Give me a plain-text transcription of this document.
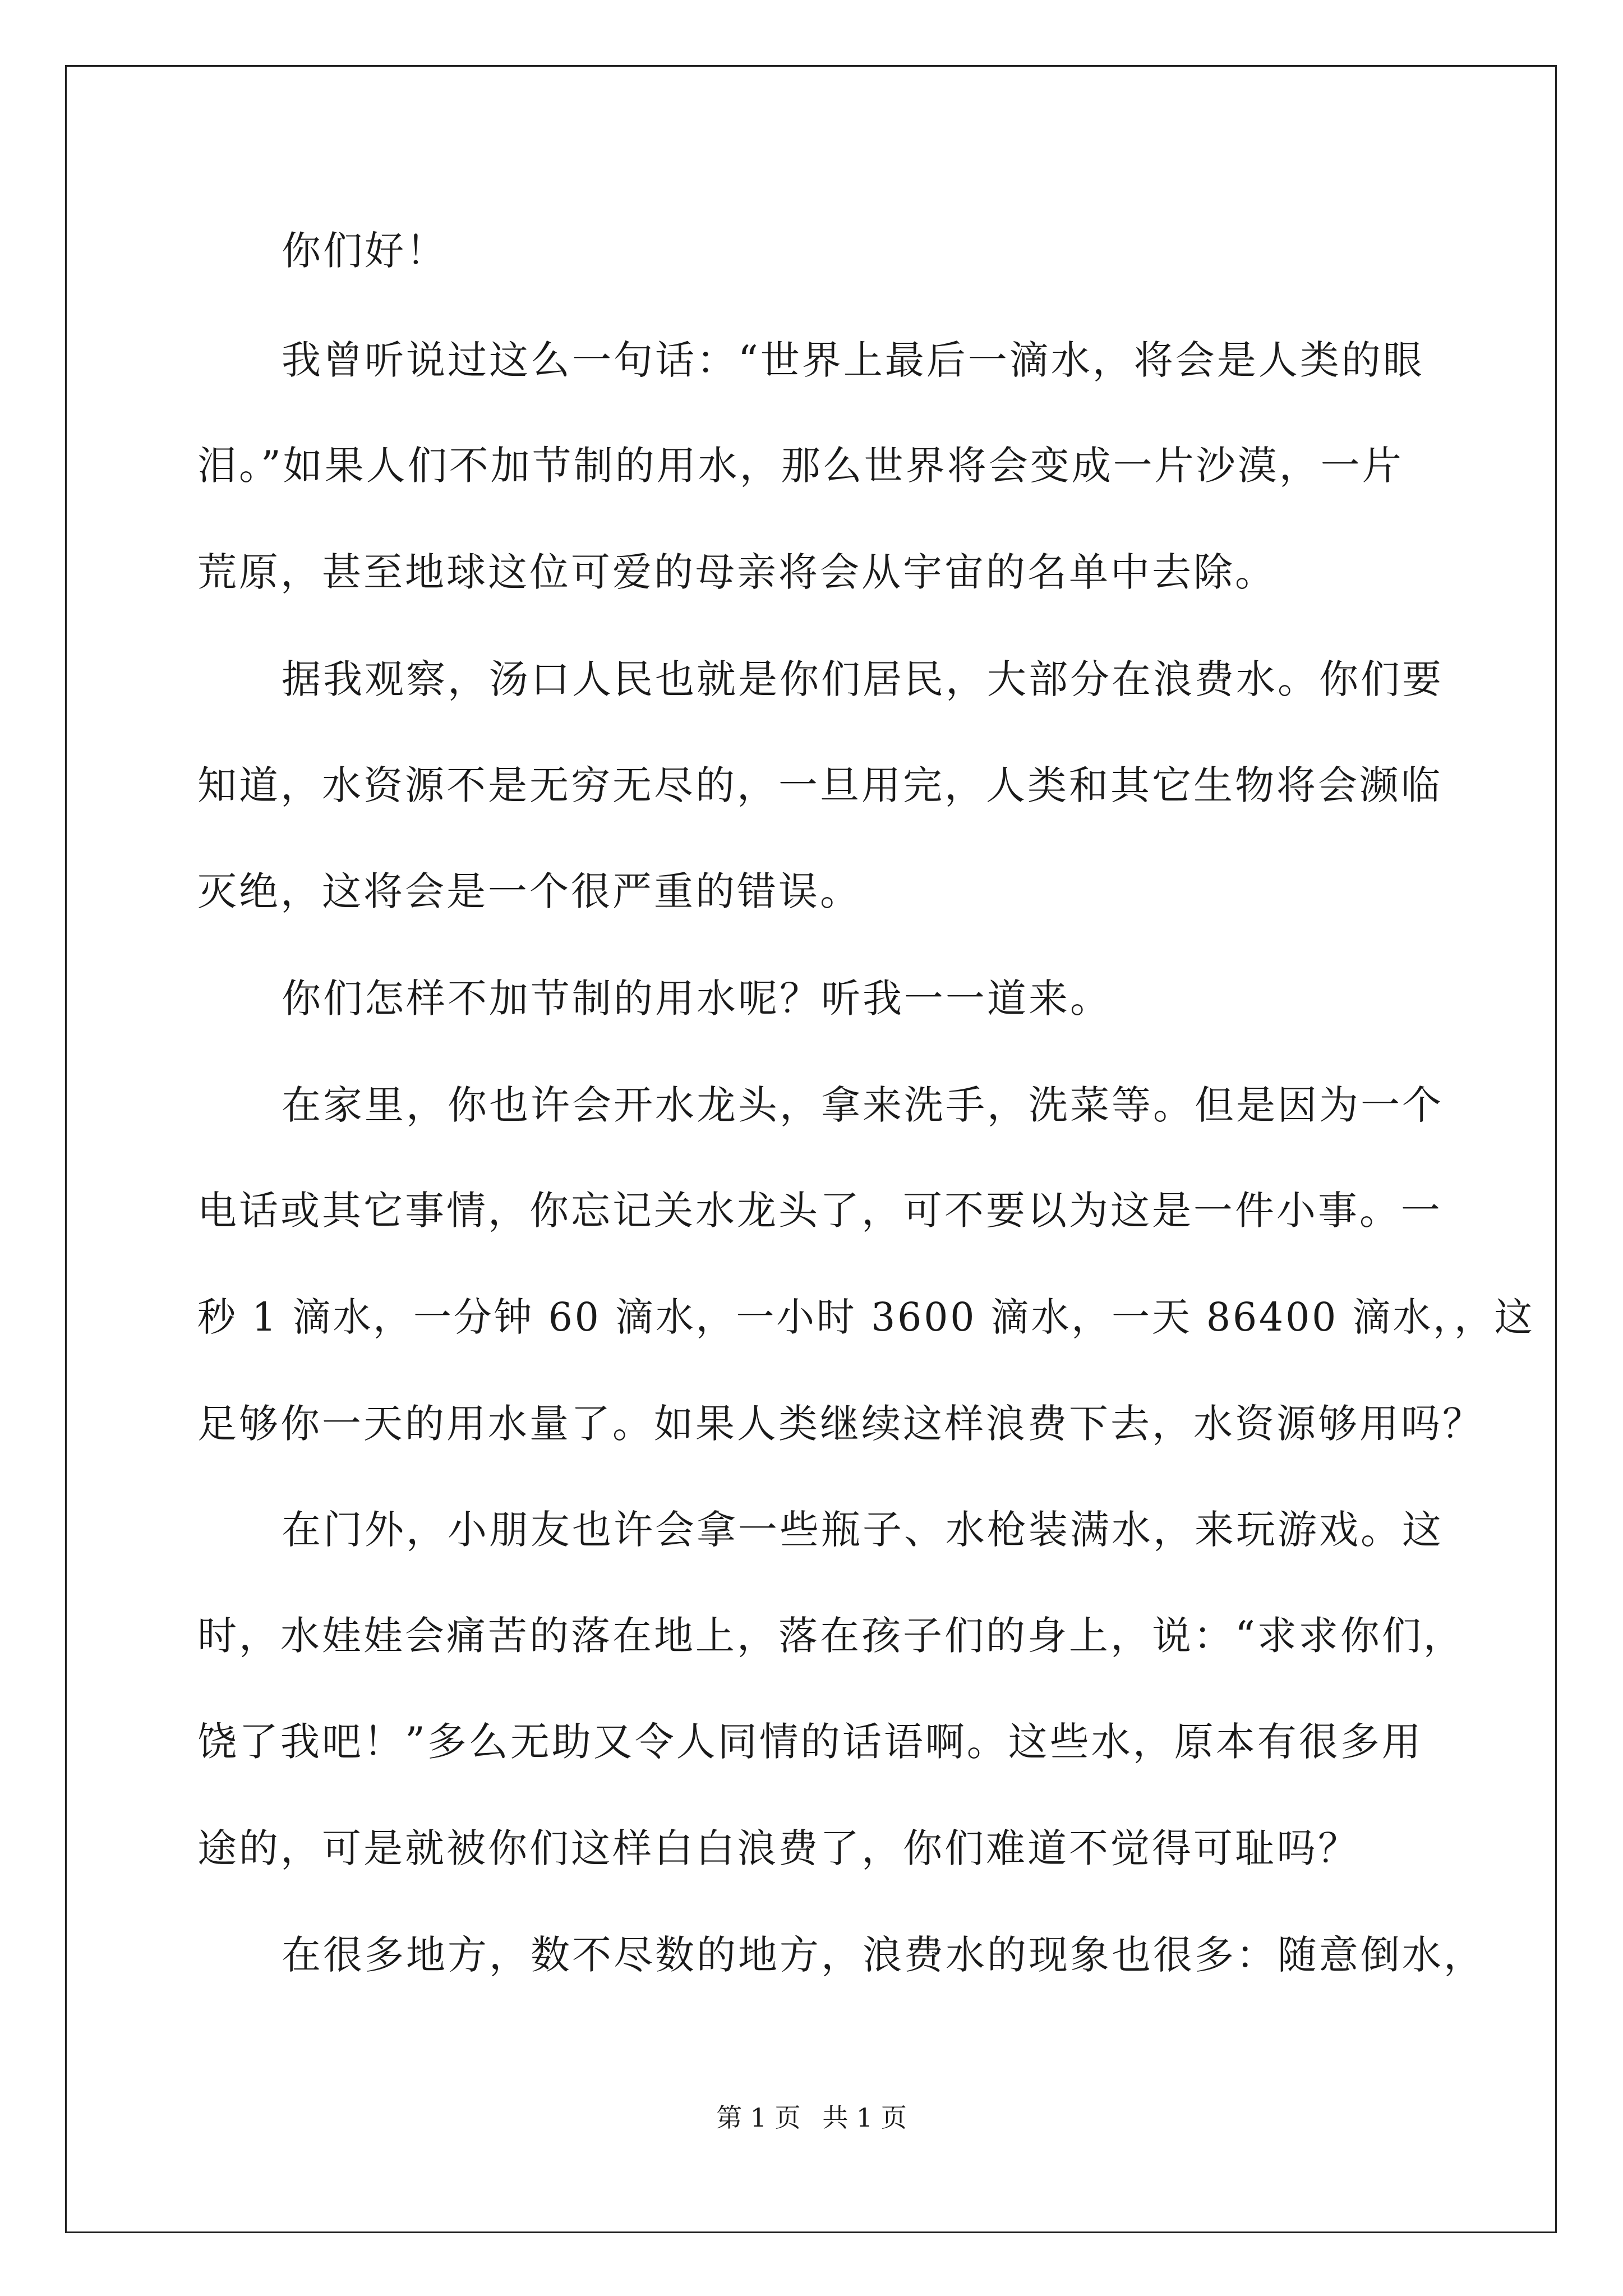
你们好！
我曾听说过这么一句话：“世界上最后一滴水，将会是人类的眼
泪。”如果人们不加节制的用水，那么世界将会变成一片沙漠，一片
荒原，甚至地球这位可爱的母亲将会从宇宙的名单中去除。
据我观察，汤口人民也就是你们居民，大部分在浪费水。你们要
知道，水资源不是无穷无尽的，一旦用完，人类和其它生物将会濒临
灭绝，这将会是一个很严重的错误。
你们怎样不加节制的用水呢？听我一一道来。
在家里，你也许会开水龙头，拿来洗手，洗菜等。但是因为一个
电话或其它事情，你忘记关水龙头了，可不要以为这是一件小事。一
秒 1 滴水，一分钟 60 滴水，一小时 3600 滴水，一天 86400 滴水，，这
足够你一天的用水量了。如果人类继续这样浪费下去，水资源够用吗？
在门外，小朋友也许会拿一些瓶子、水枪装满水，来玩游戏。这
时，水娃娃会痛苦的落在地上，落在孩子们的身上，说：“求求你们，
饶了我吧！”多么无助又令人同情的话语啊。这些水，原本有很多用
途的，可是就被你们这样白白浪费了，你们难道不觉得可耻吗？
在很多地方，数不尽数的地方，浪费水的现象也很多：随意倒水，
第 1 页 共 1 页
